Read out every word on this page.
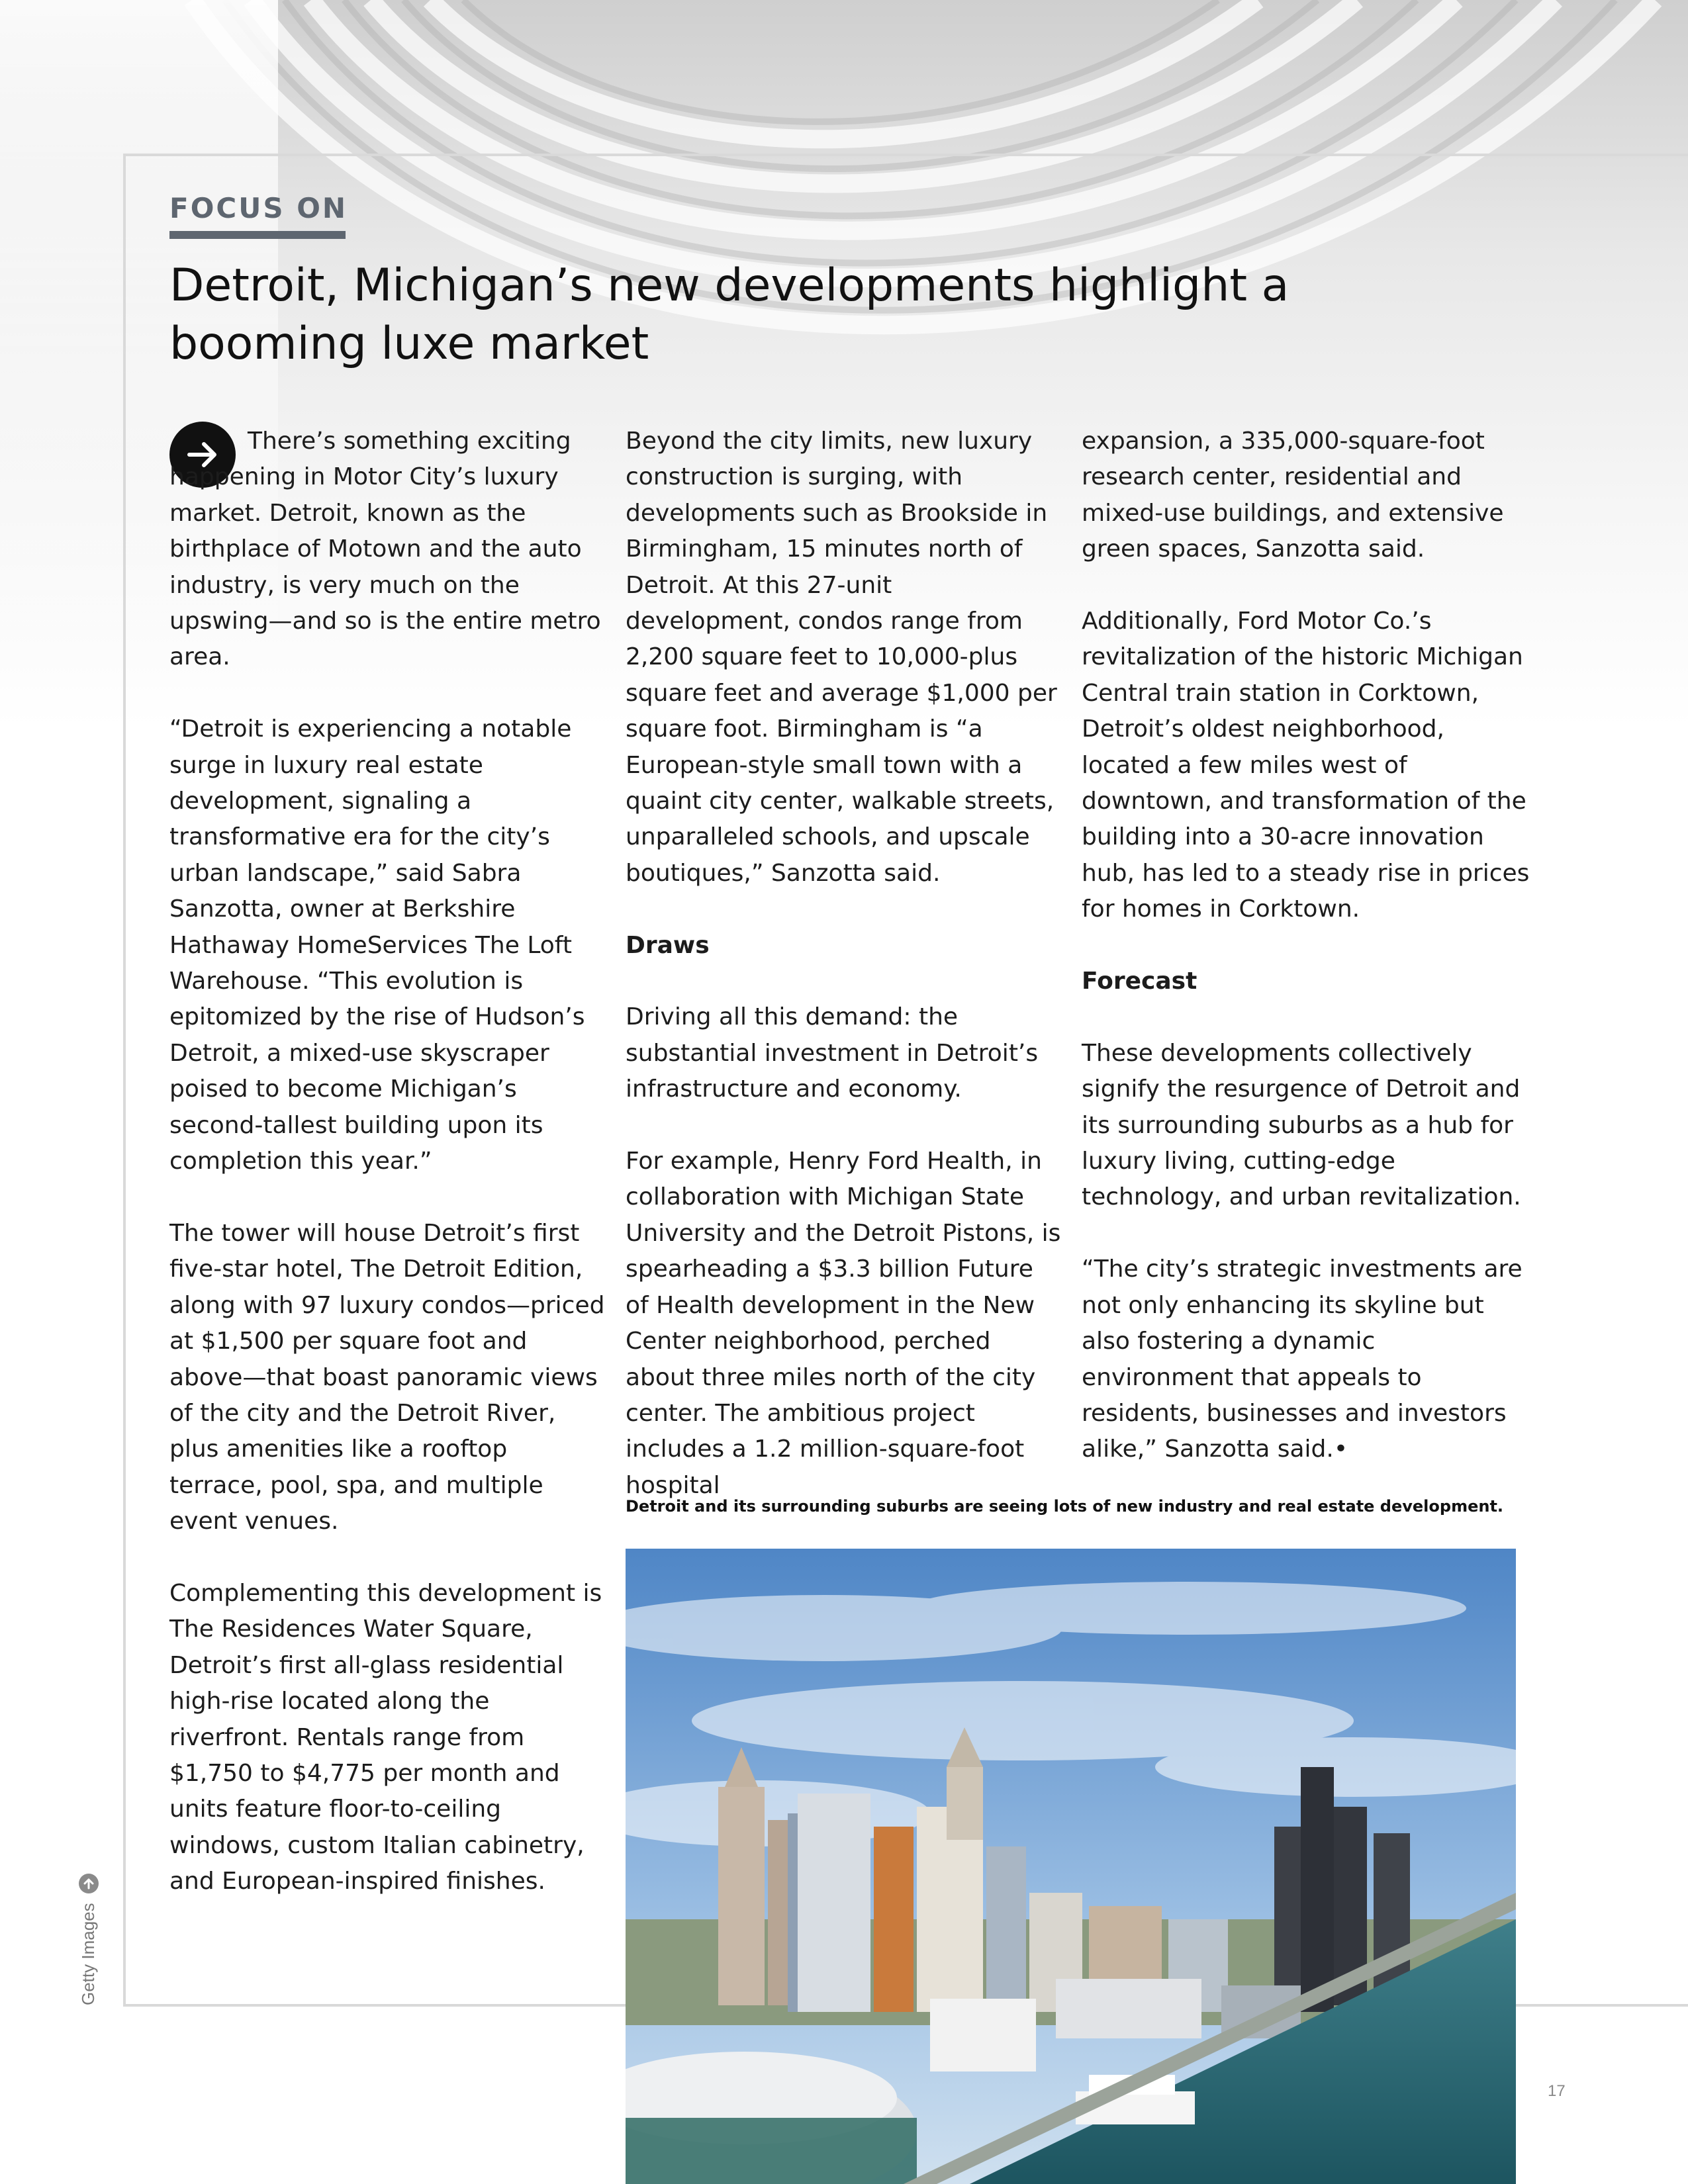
FOCUS ON
Detroit, Michigan’s new developments highlight a booming luxe market

There’s something exciting happening in Motor City’s luxury market. Detroit, known as the birthplace of Motown and the auto industry, is very much on the upswing—and so is the entire metro area.

“Detroit is experiencing a notable surge in luxury real estate development, signaling a transformative era for the city’s urban landscape,” said Sabra Sanzotta, owner at Berkshire Hathaway HomeServices The Loft Warehouse. “This evolution is epitomized by the rise of Hudson’s Detroit, a mixed-use skyscraper poised to become Michigan’s second-tallest building upon its completion this year.”

The tower will house Detroit’s first five-star hotel, The Detroit Edition, along with 97 luxury condos—priced at $1,500 per square foot and above—that boast panoramic views of the city and the Detroit River, plus amenities like a rooftop terrace, pool, spa, and multiple event venues.

Complementing this development is The Residences Water Square, Detroit’s first all-glass residential high-rise located along the riverfront. Rentals range from $1,750 to $4,775 per month and units feature floor-to-ceiling windows, custom Italian cabinetry, and European-inspired finishes.

Beyond the city limits, new luxury construction is surging, with developments such as Brookside in Birmingham, 15 minutes north of Detroit. At this 27-unit development, condos range from 2,200 square feet to 10,000-plus square feet and average $1,000 per square foot. Birmingham is “a European-style small town with a quaint city center, walkable streets, unparalleled schools, and upscale boutiques,” Sanzotta said.

Draws

Driving all this demand: the substantial investment in Detroit’s infrastructure and economy.

For example, Henry Ford Health, in collaboration with Michigan State University and the Detroit Pistons, is spearheading a $3.3 billion Future of Health development in the New Center neighborhood, perched about three miles north of the city center. The ambitious project includes a 1.2 million-square-foot hospital

expansion, a 335,000-square-foot research center, residential and mixed-use buildings, and extensive green spaces, Sanzotta said.

Additionally, Ford Motor Co.’s revitalization of the historic Michigan Central train station in Corktown, Detroit’s oldest neighborhood, located a few miles west of downtown, and transformation of the building into a 30-acre innovation hub, has led to a steady rise in prices for homes in Corktown.

Forecast

These developments collectively signify the resurgence of Detroit and its surrounding suburbs as a hub for luxury living, cutting-edge technology, and urban revitalization.

“The city’s strategic investments are not only enhancing its skyline but also fostering a dynamic environment that appeals to residents, businesses and investors alike,” Sanzotta said.•

Detroit and its surrounding suburbs are seeing lots of new industry and real estate development.
Getty Images
17
